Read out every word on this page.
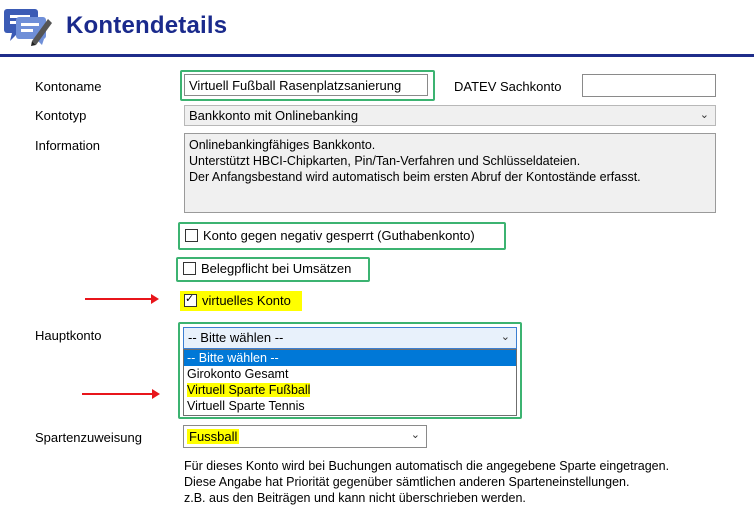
Kontendetails
Kontoname	Virtuell Fußball Rasenplatzsanierung	DATEV Sachkonto
Kontotyp	Bankkonto mit Onlinebanking	⌄
Information	Onlinebankingfähiges Bankkonto.
Unterstützt HBCI-Chipkarten, Pin/Tan-Verfahren und Schlüsseldateien.
Der Anfangsbestand wird automatisch beim ersten Abruf der Kontostände erfasst.
Konto gegen negativ gesperrt (Guthabenkonto)
Belegpflicht bei Umsätzen
✓virtuelles Konto
Hauptkonto	-- Bitte wählen --	⌄
-- Bitte wählen --
Girokonto Gesamt
Virtuell Sparte Fußball
Virtuell Sparte Tennis
Spartenzuweisung	Fussball	⌄
Für dieses Konto wird bei Buchungen automatisch die angegebene Sparte eingetragen.
Diese Angabe hat Priorität gegenüber sämtlichen anderen Sparteneinstellungen.
z.B. aus den Beiträgen und kann nicht überschrieben werden.
